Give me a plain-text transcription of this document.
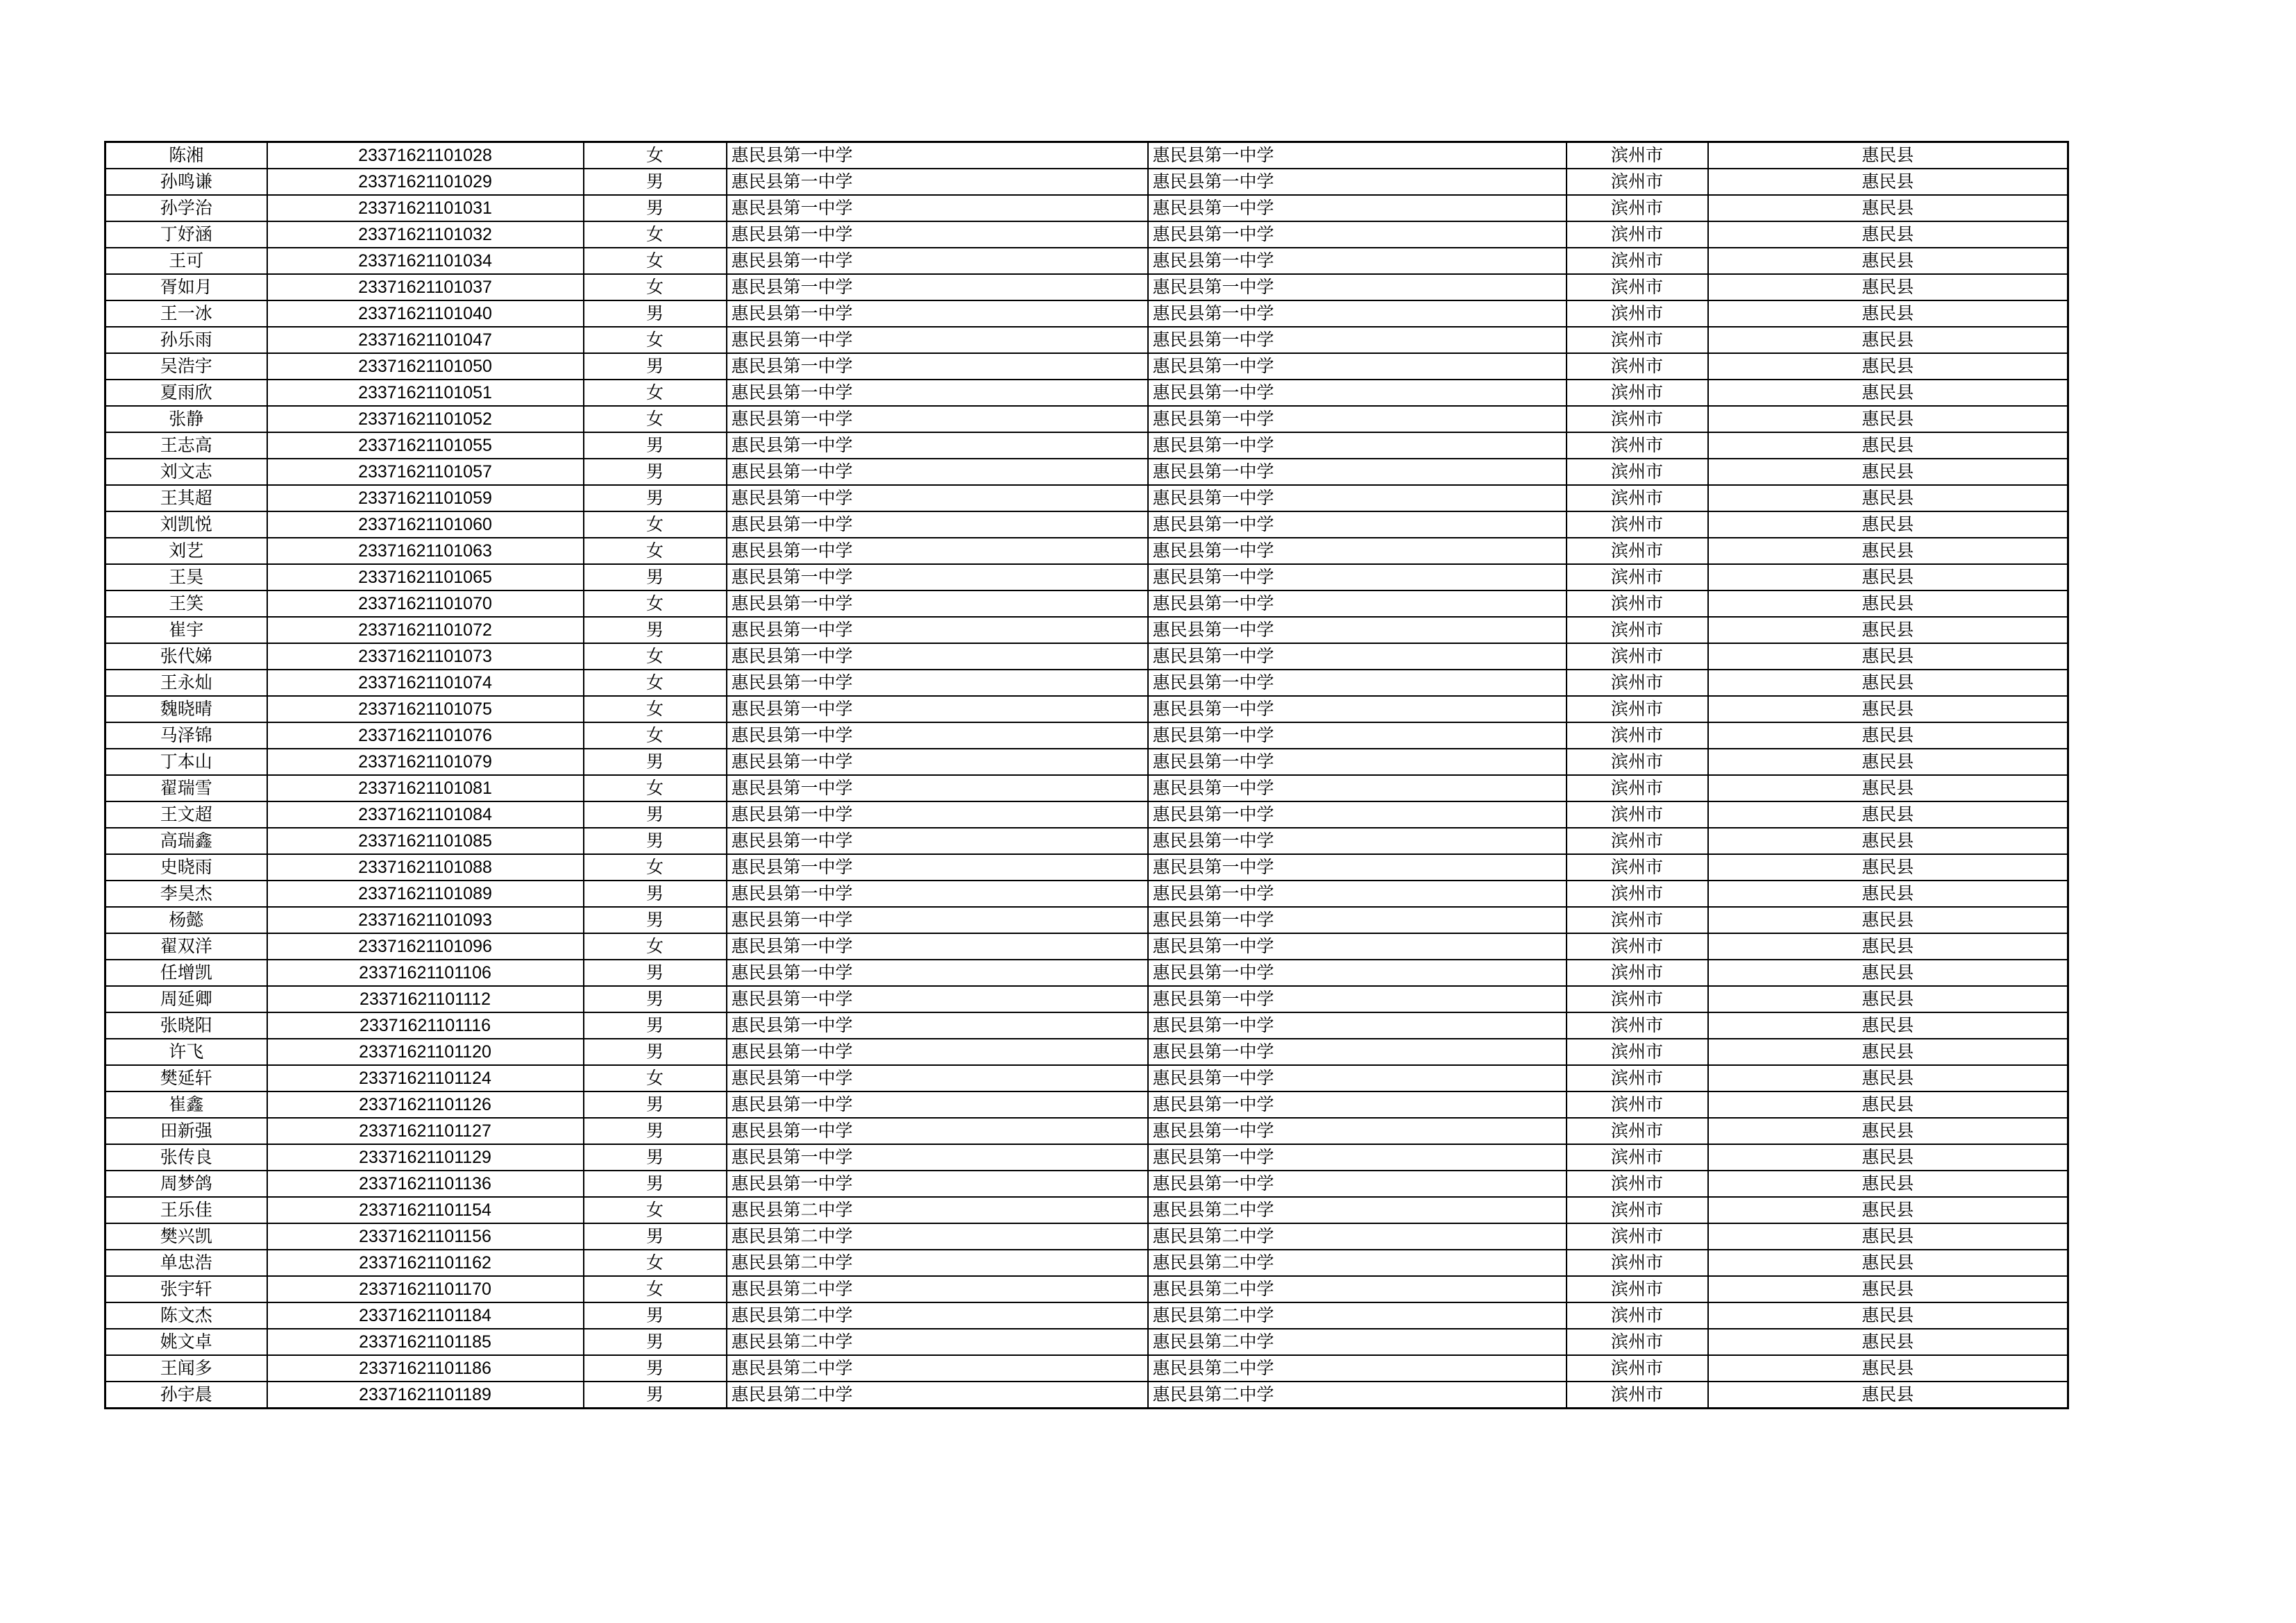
陈湘	23371621101028	女	惠民县第一中学	惠民县第一中学	滨州市	惠民县
孙鸣谦	23371621101029	男	惠民县第一中学	惠民县第一中学	滨州市	惠民县
孙学治	23371621101031	男	惠民县第一中学	惠民县第一中学	滨州市	惠民县
丁妤涵	23371621101032	女	惠民县第一中学	惠民县第一中学	滨州市	惠民县
王可	23371621101034	女	惠民县第一中学	惠民县第一中学	滨州市	惠民县
胥如月	23371621101037	女	惠民县第一中学	惠民县第一中学	滨州市	惠民县
王一冰	23371621101040	男	惠民县第一中学	惠民县第一中学	滨州市	惠民县
孙乐雨	23371621101047	女	惠民县第一中学	惠民县第一中学	滨州市	惠民县
吴浩宇	23371621101050	男	惠民县第一中学	惠民县第一中学	滨州市	惠民县
夏雨欣	23371621101051	女	惠民县第一中学	惠民县第一中学	滨州市	惠民县
张静	23371621101052	女	惠民县第一中学	惠民县第一中学	滨州市	惠民县
王志高	23371621101055	男	惠民县第一中学	惠民县第一中学	滨州市	惠民县
刘文志	23371621101057	男	惠民县第一中学	惠民县第一中学	滨州市	惠民县
王其超	23371621101059	男	惠民县第一中学	惠民县第一中学	滨州市	惠民县
刘凯悦	23371621101060	女	惠民县第一中学	惠民县第一中学	滨州市	惠民县
刘艺	23371621101063	女	惠民县第一中学	惠民县第一中学	滨州市	惠民县
王昊	23371621101065	男	惠民县第一中学	惠民县第一中学	滨州市	惠民县
王笑	23371621101070	女	惠民县第一中学	惠民县第一中学	滨州市	惠民县
崔宇	23371621101072	男	惠民县第一中学	惠民县第一中学	滨州市	惠民县
张代娣	23371621101073	女	惠民县第一中学	惠民县第一中学	滨州市	惠民县
王永灿	23371621101074	女	惠民县第一中学	惠民县第一中学	滨州市	惠民县
魏晓晴	23371621101075	女	惠民县第一中学	惠民县第一中学	滨州市	惠民县
马泽锦	23371621101076	女	惠民县第一中学	惠民县第一中学	滨州市	惠民县
丁本山	23371621101079	男	惠民县第一中学	惠民县第一中学	滨州市	惠民县
翟瑞雪	23371621101081	女	惠民县第一中学	惠民县第一中学	滨州市	惠民县
王文超	23371621101084	男	惠民县第一中学	惠民县第一中学	滨州市	惠民县
高瑞鑫	23371621101085	男	惠民县第一中学	惠民县第一中学	滨州市	惠民县
史晓雨	23371621101088	女	惠民县第一中学	惠民县第一中学	滨州市	惠民县
李昊杰	23371621101089	男	惠民县第一中学	惠民县第一中学	滨州市	惠民县
杨懿	23371621101093	男	惠民县第一中学	惠民县第一中学	滨州市	惠民县
翟双洋	23371621101096	女	惠民县第一中学	惠民县第一中学	滨州市	惠民县
任增凯	23371621101106	男	惠民县第一中学	惠民县第一中学	滨州市	惠民县
周延卿	23371621101112	男	惠民县第一中学	惠民县第一中学	滨州市	惠民县
张晓阳	23371621101116	男	惠民县第一中学	惠民县第一中学	滨州市	惠民县
许飞	23371621101120	男	惠民县第一中学	惠民县第一中学	滨州市	惠民县
樊延轩	23371621101124	女	惠民县第一中学	惠民县第一中学	滨州市	惠民县
崔鑫	23371621101126	男	惠民县第一中学	惠民县第一中学	滨州市	惠民县
田新强	23371621101127	男	惠民县第一中学	惠民县第一中学	滨州市	惠民县
张传良	23371621101129	男	惠民县第一中学	惠民县第一中学	滨州市	惠民县
周梦鸽	23371621101136	男	惠民县第一中学	惠民县第一中学	滨州市	惠民县
王乐佳	23371621101154	女	惠民县第二中学	惠民县第二中学	滨州市	惠民县
樊兴凯	23371621101156	男	惠民县第二中学	惠民县第二中学	滨州市	惠民县
单忠浩	23371621101162	女	惠民县第二中学	惠民县第二中学	滨州市	惠民县
张宇轩	23371621101170	女	惠民县第二中学	惠民县第二中学	滨州市	惠民县
陈文杰	23371621101184	男	惠民县第二中学	惠民县第二中学	滨州市	惠民县
姚文卓	23371621101185	男	惠民县第二中学	惠民县第二中学	滨州市	惠民县
王闻多	23371621101186	男	惠民县第二中学	惠民县第二中学	滨州市	惠民县
孙宇晨	23371621101189	男	惠民县第二中学	惠民县第二中学	滨州市	惠民县
